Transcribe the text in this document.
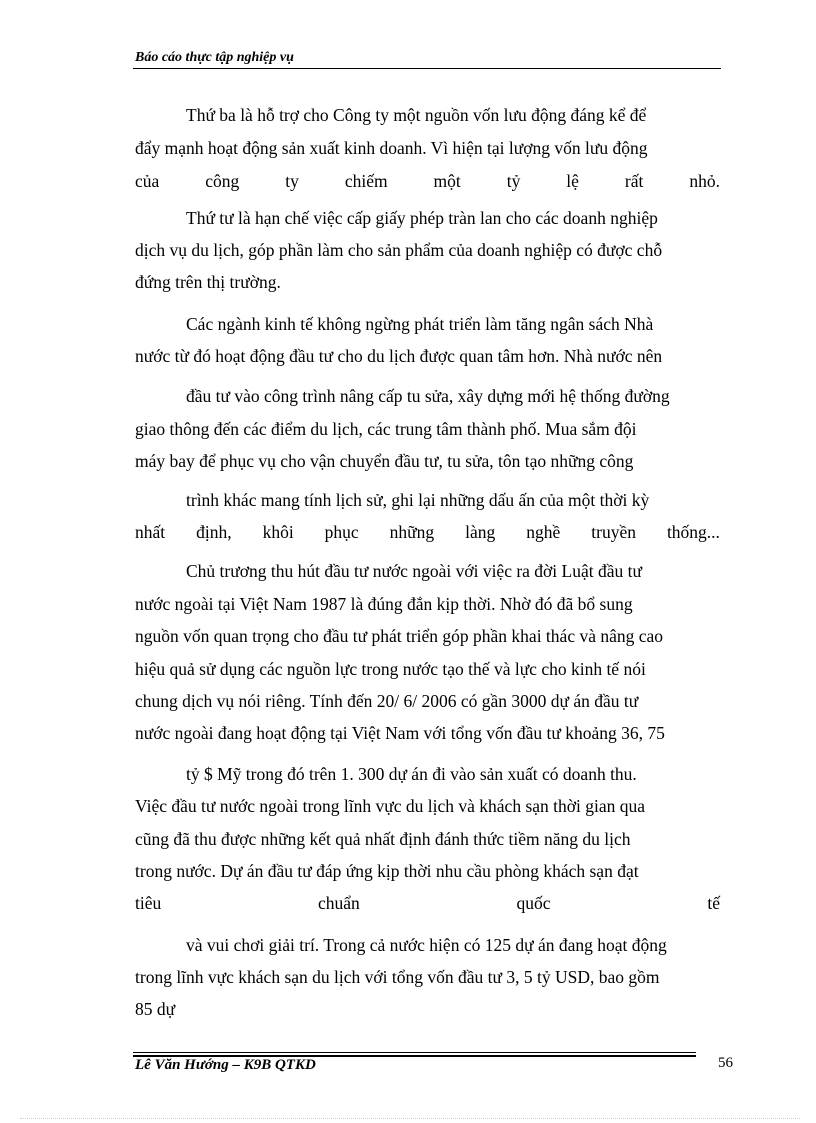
Báo cáo thực tập nghiệp vụ
Thứ ba là hỗ trợ cho Công ty một nguồn vốn lưu động đáng kể để
đẩy mạnh hoạt động sản xuất kinh doanh. Vì hiện tại lượng vốn lưu động
của	công	ty	chiếm	một	tỷ	lệ	rất	nhỏ.
Thứ tư là hạn chế việc cấp giấy phép tràn lan cho các doanh nghiệp
dịch vụ du lịch, góp phần làm cho sản phẩm của doanh nghiệp có được chỗ
đứng trên thị trường.
Các ngành kinh tế không ngừng phát triển làm tăng ngân sách Nhà
nước từ đó hoạt động đầu tư cho du lịch được quan tâm hơn. Nhà nước nên
đầu tư vào công trình nâng cấp tu sửa, xây dựng mới hệ thống đường
giao thông đến các điểm du lịch, các trung tâm thành phố. Mua sắm đội
máy bay để phục vụ cho vận chuyển đầu tư, tu sửa, tôn tạo những công
trình khác mang tính lịch sử, ghi lại những dấu ấn của một thời kỳ
nhất định, khôi phục những làng nghề truyền thống...
Chủ trương thu hút đầu tư nước ngoài với việc ra đời Luật đầu tư
nước ngoài tại Việt Nam 1987 là đúng đắn kịp thời. Nhờ đó đã bổ sung
nguồn vốn quan trọng cho đầu tư phát triển góp phần khai thác và nâng cao
hiệu quả sử dụng các nguồn lực trong nước tạo thế và lực cho kinh tế nói
chung dịch vụ nói riêng. Tính đến 20/ 6/ 2006 có gần 3000 dự án đầu tư
nước ngoài đang hoạt động tại Việt Nam với tổng vốn đầu tư khoảng 36, 75
tỷ $ Mỹ trong đó trên 1. 300 dự án đi vào sản xuất có doanh thu.
Việc đầu tư nước ngoài trong lĩnh vực du lịch và khách sạn thời gian qua
cũng đã thu được những kết quả nhất định đánh thức tiềm năng du lịch
trong nước. Dự án đầu tư đáp ứng kịp thời nhu cầu phòng khách sạn đạt
tiêu	chuẩn	quốc	tế
và vui chơi giải trí. Trong cả nước hiện có 125 dự án đang hoạt động
trong lĩnh vực khách sạn du lịch với tổng vốn đầu tư 3, 5 tỷ USD, bao gồm
85 dự
Lê Văn Hướng – K9B QTKD	56
